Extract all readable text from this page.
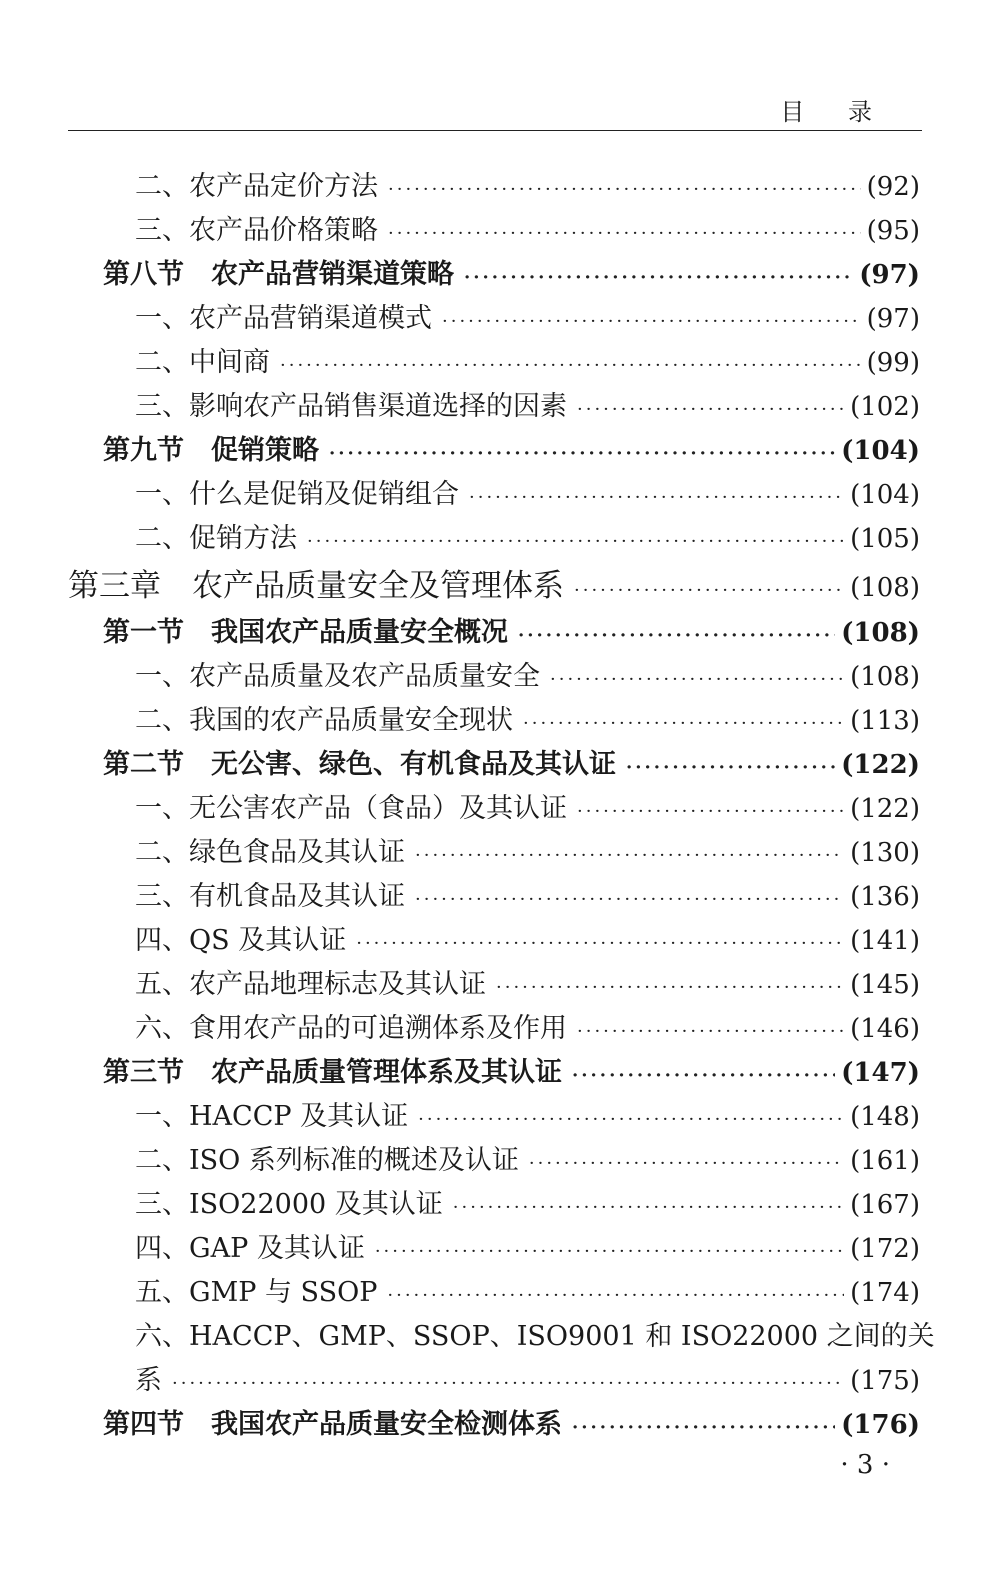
目 录
二、农产品定价方法 ·····	(92)
三、农产品价格策略 ·····	(95)
第八节　农产品营销渠道策略 ·····	(97)
一、农产品营销渠道模式 ·····	(97)
二、中间商 ·····	(99)
三、影响农产品销售渠道选择的因素 ·····	(102)
第九节　促销策略 ·····	(104)
一、什么是促销及促销组合 ·····	(104)
二、促销方法 ·····	(105)
第三章　农产品质量安全及管理体系 ·····	(108)
第一节　我国农产品质量安全概况 ·····	(108)
一、农产品质量及农产品质量安全 ·····	(108)
二、我国的农产品质量安全现状 ·····	(113)
第二节　无公害、绿色、有机食品及其认证 ·····	(122)
一、无公害农产品（食品）及其认证 ·····	(122)
二、绿色食品及其认证 ·····	(130)
三、有机食品及其认证 ·····	(136)
四、QS 及其认证 ·····	(141)
五、农产品地理标志及其认证 ·····	(145)
六、食用农产品的可追溯体系及作用 ·····	(146)
第三节　农产品质量管理体系及其认证 ·····	(147)
一、HACCP 及其认证 ·····	(148)
二、ISO 系列标准的概述及认证 ·····	(161)
三、ISO22000 及其认证 ·····	(167)
四、GAP 及其认证 ·····	(172)
五、GMP 与 SSOP ·····	(174)
六、HACCP、GMP、SSOP、ISO9001 和 ISO22000 之间的关
系 ·····	(175)
第四节　我国农产品质量安全检测体系 ·····	(176)
· 3 ·
